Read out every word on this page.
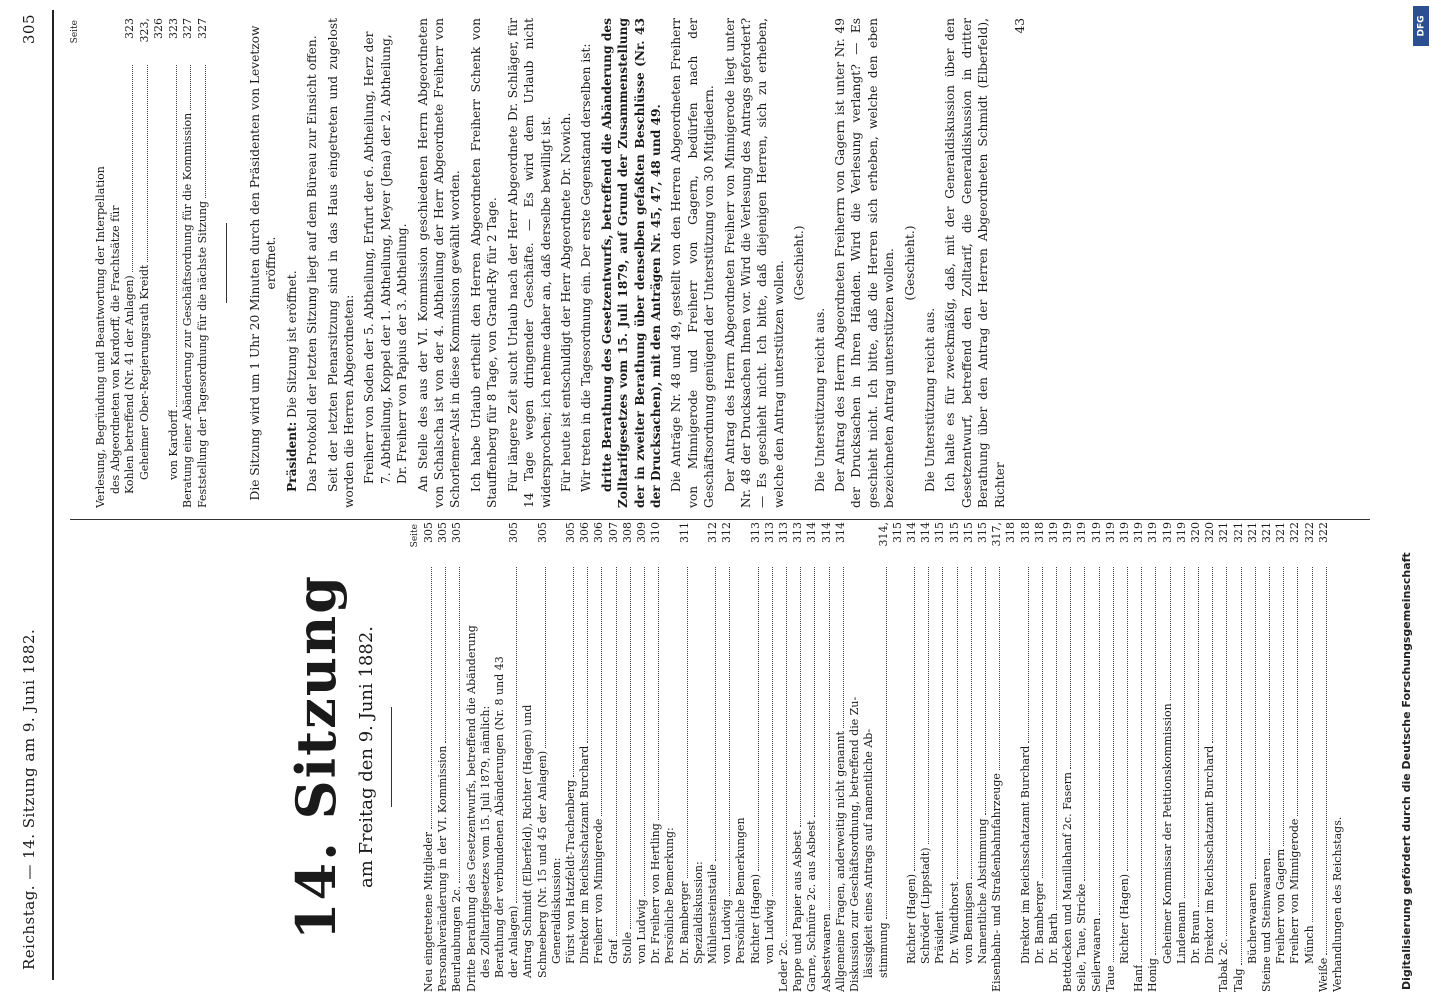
Reichstag. — 14. Sitzung am 9. Juni 1882.
305
14. Sitzung am Freitag den 9. Juni 1882.
Seite
Neu eingetretene Mitglieder
305
Personalveränderung in der VI. Kommission
305
Beurlaubungen 2c.
305
Dritte Berathung des Gesetzentwurfs, betreffend die Abänderung des Zolltarifgesetzes vom 15. Juli 1879, nämlich: Berathung der verbundenen Abänderungen (Nr. 8 und 43 der Anlagen)
305
Antrag Schmidt (Elberfeld), Richter (Hagen) und Schneeberg (Nr. 15 und 45 der Anlagen)
305
Generaldiskussion: Fürst von Hatzfeldt-Trachenberg
305
Direktor im Reichsschatzamt Burchard
306
Freiherr von Minnigerode
306
Graf
307
Stolle
308
von Ludwig
309
Dr. Freiherr von Hertling
310
Persönliche Bemerkung: Dr. Bamberger
311
Spezialdiskussion: Mühlensteinstaile
312
von Ludwig
312
Persönliche Bemerkungen Richter (Hagen)
313
von Ludwig
313
Leder 2c.
313
Pappe und Papier aus Asbest
313
Garne, Schnüre 2c. aus Asbest
314
Asbestwaaren
314
Allgemeine Fragen, anderweitig nicht genannt
314
Diskussion zur Geschäftsordnung, betreffend die Zu- lässigkeit eines Antrags auf namentliche Ab- stimmung
314, 315
Richter (Hagen)
314
Schröder (Lippstadt)
314
Präsident
315
Dr. Windthorst
315
von Bennigsen
315
Namentliche Abstimmung
315
Eisenbahn- und Straßenbahnfahrzeuge
317, 318
Direktor im Reichsschatzamt Burchard
318
Dr. Bamberger
318
Dr. Barth
319
Bettdecken und Manillahanf 2c. Fasern
319
Seile, Taue, Stricke
319
Seilerwaaren
319
Taue
319
Richter (Hagen)
319
Hanf
319
Honig
319
Geheimer Kommissar der Petitionskommission
319
Lindemann
319
Dr. Braun
320
Direktor im Reichsschatzamt Burchard
320
Tabak 2c.
321
Talg
321
Bücherwaaren
321
Steine und Steinwaaren
321
Freiherr von Gagern
321
Freiherr von Minnigerode
322
Münch
322
Weiße
322
Verhandlungen des Reichstags.
Seite
Verlesung, Begründung und Beantwortung der Interpellation des Abgeordneten von Kardorff, die Frachtsätze für Kohlen betreffend (Nr. 41 der Anlagen)
323
Geheimer Ober-Regierungsrath Kreidt
323, 326
von Kardorff
323
Beratung einer Abänderung zur Geschäftsordnung für die Kommission
327
Feststellung der Tagesordnung für die nächste Sitzung
327	Die Sitzung wird um 1 Uhr 20 Minuten durch den Präsidenten von Levetzow eröffnet.

Präsident: Die Sitzung ist eröffnet. Das Protokoll der letzten Sitzung liegt auf dem Büreau zur Einsicht offen. Seit der letzten Plenarsitzung sind in das Haus eingetreten und zugelost worden die Herren Abgeordneten: Freiherr von Soden der 5. Abtheilung, Erfurt der 6. Abtheilung, Herz der 7. Abtheilung, Koppel der 1. Abtheilung, Meyer (Jena) der 2. Abtheilung, Dr. Freiherr von Papius der 3. Abtheilung. An Stelle des aus der VI. Kommission geschiedenen Herrn Abgeordneten von Schalscha ist von der 4. Abtheilung der Herr Abgeordnete Freiherr von Schorlemer-Alst in diese Kommission gewählt worden. Ich habe Urlaub ertheilt den Herren Abgeordneten Freiherr Schenk von Stauffenberg für 8 Tage, von Grand-Ry für 2 Tage. Für längere Zeit sucht Urlaub nach der Herr Abgeordnete Dr. Schläger, für 14 Tage wegen dringender Geschäfte. — Es wird dem Urlaub nicht widersprochen; ich nehme daher an, daß derselbe bewilligt ist. Für heute ist entschuldigt der Herr Abgeordnete Dr. Nowich. Wir treten in die Tagesordnung ein. Der erste Gegenstand derselben ist: dritte Berathung des Gesetzentwurfs, betreffend die Abänderung des Zolltarifgesetzes vom 15. Juli 1879, auf Grund der Zusammenstellung der in zweiter Berathung über denselben gefaßten Beschlüsse (Nr. 43 der Drucksachen), mit den Anträgen Nr. 45, 47, 48 und 49. Die Anträge Nr. 48 und 49, gestellt von den Herren Abgeordneten Freiherr von Minnigerode und Freiherr von Gagern, bedürfen nach der Geschäftsordnung genügend der Unterstützung von 30 Mitgliedern. Der Antrag des Herrn Abgeordneten Freiherr von Minnigerode liegt unter Nr. 48 der Drucksachen Ihnen vor. Wird die Verlesung des Antrags gefordert? — Es geschieht nicht. Ich bitte, daß diejenigen Herren, sich zu erheben, welche den Antrag unterstützen wollen. (Geschieht.)

Die Unterstützung reicht aus. Der Antrag des Herrn Abgeordneten Freiherrn von Gagern ist unter Nr. 49 der Drucksachen in Ihren Händen. Wird die Verlesung verlangt? — Es geschieht nicht. Ich bitte, daß die Herren sich erheben, welche den eben bezeichneten Antrag unterstützen wollen. (Geschieht.)

Die Unterstützung reicht aus. Ich halte es für zweckmäßig, daß, mit der Generaldiskussion über den Gesetzentwurf, betreffend den Zolltarif, die Generaldiskussion in dritter Berathung über den Antrag der Herren Abgeordneten Schmidt (Elberfeld), Richter

43
Digitalisierung gefördert durch die Deutsche Forschungsgemeinschaft
DFG
